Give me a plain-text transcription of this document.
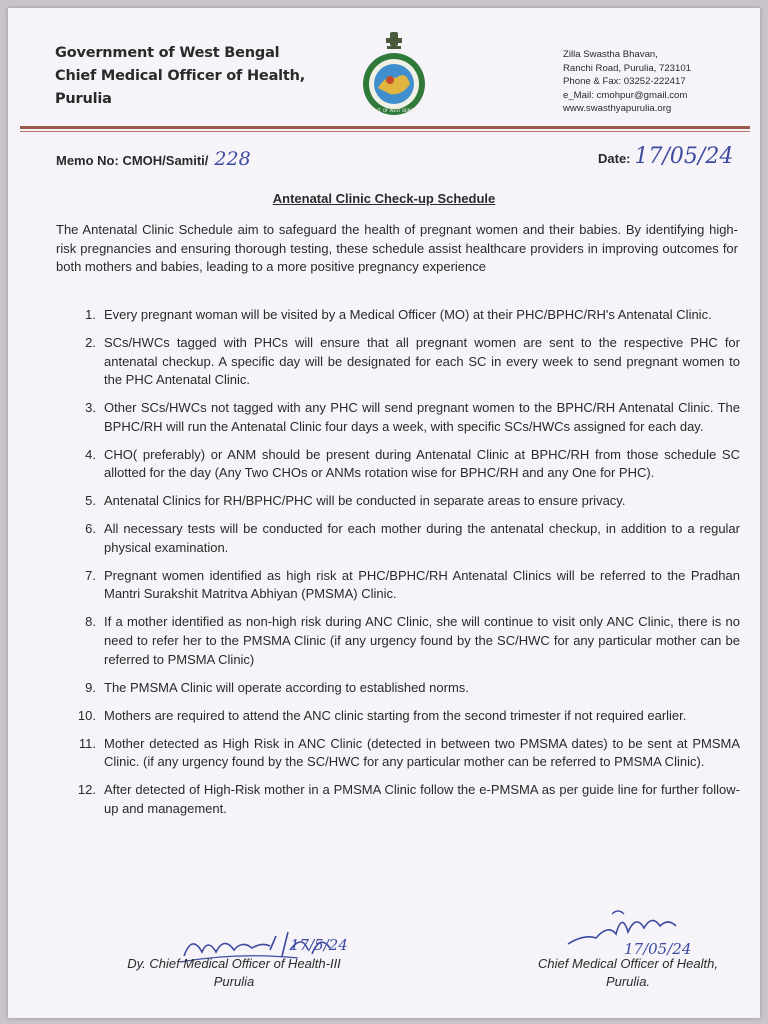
Government of West Bengal
Chief Medical Officer of Health,
Purulia
GOVT. OF WEST BENGAL
Zilla Swastha Bhavan,
Ranchi Road, Purulia, 723101
Phone & Fax: 03252-222417
e_Mail: cmohpur@gmail.com
www.swasthyapurulia.org
Memo No: CMOH/Samiti/ 228	Date: 17/05/24
Antenatal Clinic Check-up Schedule
The Antenatal Clinic Schedule aim to safeguard the health of pregnant women and their babies. By identifying high-risk pregnancies and ensuring thorough testing, these schedule assist healthcare providers in improving outcomes for both mothers and babies, leading to a more positive pregnancy experience
1. Every pregnant woman will be visited by a Medical Officer (MO) at their PHC/BPHC/RH's Antenatal Clinic.
2. SCs/HWCs tagged with PHCs will ensure that all pregnant women are sent to the respective PHC for antenatal checkup. A specific day will be designated for each SC in every week to send pregnant women to the PHC Antenatal Clinic.
3. Other SCs/HWCs not tagged with any PHC will send pregnant women to the BPHC/RH Antenatal Clinic. The BPHC/RH will run the Antenatal Clinic four days a week, with specific SCs/HWCs assigned for each day.
4. CHO( preferably) or ANM should be present during Antenatal Clinic at BPHC/RH from those schedule SC allotted for the day (Any Two CHOs or ANMs rotation wise for BPHC/RH and any One for PHC).
5. Antenatal Clinics for RH/BPHC/PHC will be conducted in separate areas to ensure privacy.
6. All necessary tests will be conducted for each mother during the antenatal checkup, in addition to a regular physical examination.
7. Pregnant women identified as high risk at PHC/BPHC/RH Antenatal Clinics will be referred to the Pradhan Mantri Surakshit Matritva Abhiyan (PMSMA) Clinic.
8. If a mother identified as non-high risk during ANC Clinic, she will continue to visit only ANC Clinic, there is no need to refer her to the PMSMA Clinic (if any urgency found by the SC/HWC for any particular mother can be referred to PMSMA Clinic)
9. The PMSMA Clinic will operate according to established norms.
10. Mothers are required to attend the ANC clinic starting from the second trimester if not required earlier.
11. Mother detected as High Risk in ANC Clinic (detected in between two PMSMA dates) to be sent at PMSMA Clinic. (if any urgency found by the SC/HWC for any particular mother can be referred to PMSMA Clinic).
12. After detected of High-Risk mother in a PMSMA Clinic follow the e-PMSMA as per guide line for further follow-up and management.
17/5/24	17/05/24
Dy. Chief Medical Officer of Health-III
Purulia
Chief Medical Officer of Health,
Purulia.
